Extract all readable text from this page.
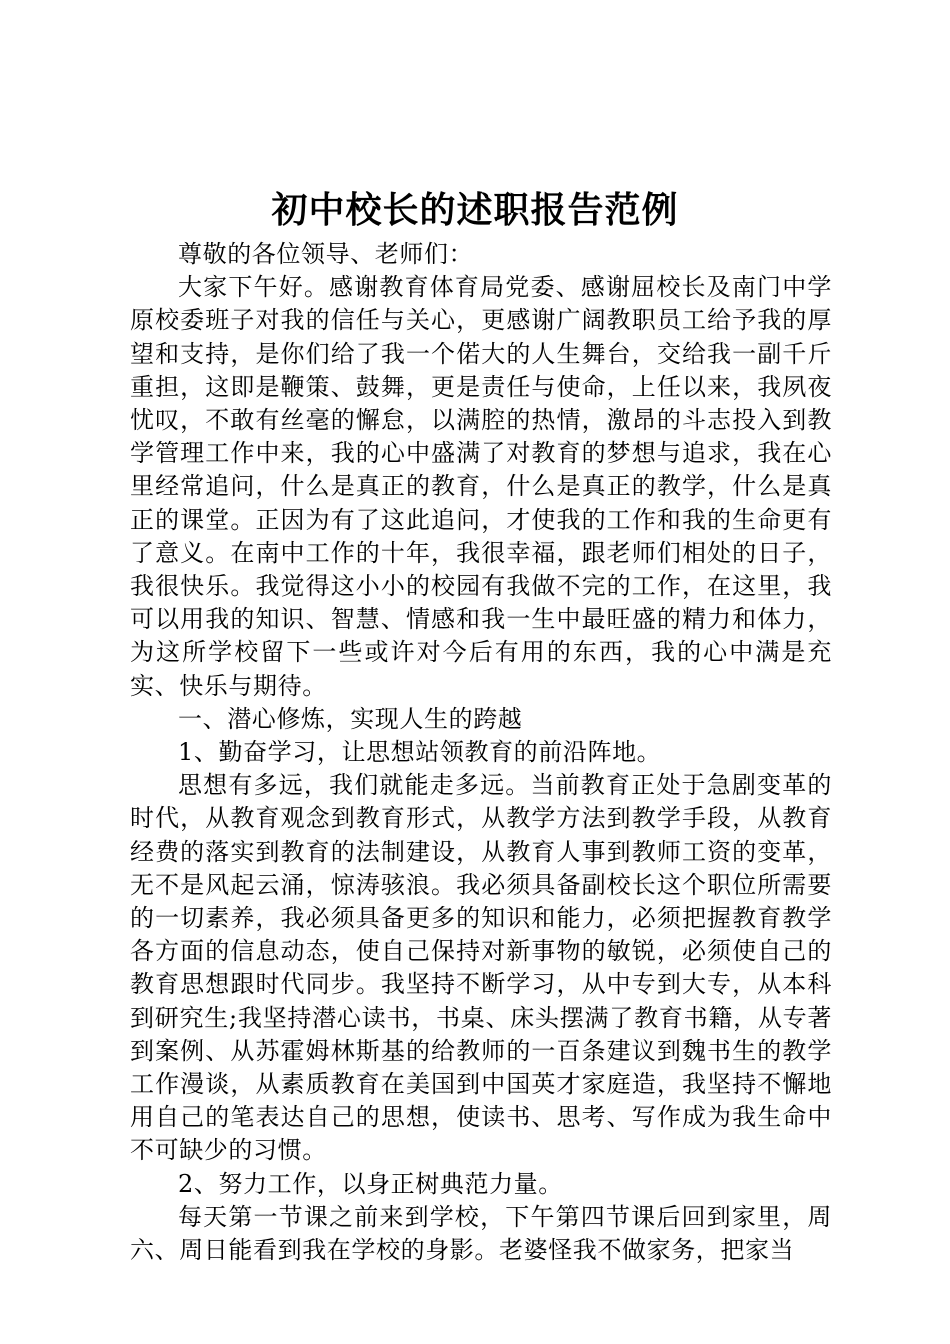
初中校长的述职报告范例

尊敬的各位领导、老师们：

大家下午好。感谢教育体育局党委、感谢屈校长及南门中学原校委班子对我的信任与关心，更感谢广阔教职员工给予我的厚望和支持，是你们给了我一个偌大的人生舞台，交给我一副千斤重担，这即是鞭策、鼓舞，更是责任与使命，上任以来，我夙夜忧叹，不敢有丝毫的懈怠，以满腔的热情，激昂的斗志投入到教学管理工作中来，我的心中盛满了对教育的梦想与追求，我在心里经常追问，什么是真正的教育，什么是真正的教学，什么是真正的课堂。正因为有了这此追问，才使我的工作和我的生命更有了意义。在南中工作的十年，我很幸福，跟老师们相处的日子，我很快乐。我觉得这小小的校园有我做不完的工作，在这里，我可以用我的知识、智慧、情感和我一生中最旺盛的精力和体力，为这所学校留下一些或许对今后有用的东西，我的心中满是充实、快乐与期待。

一、潜心修炼，实现人生的跨越

1、勤奋学习，让思想站领教育的前沿阵地。

思想有多远，我们就能走多远。当前教育正处于急剧变革的时代，从教育观念到教育形式，从教学方法到教学手段，从教育经费的落实到教育的法制建设，从教育人事到教师工资的变革，无不是风起云涌，惊涛骇浪。我必须具备副校长这个职位所需要的一切素养，我必须具备更多的知识和能力，必须把握教育教学各方面的信息动态，使自己保持对新事物的敏锐，必须使自己的教育思想跟时代同步。我坚持不断学习，从中专到大专，从本科到研究生;我坚持潜心读书，书桌、床头摆满了教育书籍，从专著到案例、从苏霍姆林斯基的给教师的一百条建议到魏书生的教学工作漫谈，从素质教育在美国到中国英才家庭造，我坚持不懈地用自己的笔表达自己的思想，使读书、思考、写作成为我生命中不可缺少的习惯。

2、努力工作，以身正树典范力量。

每天第一节课之前来到学校，下午第四节课后回到家里，周六、周日能看到我在学校的身影。老婆怪我不做家务，把家当
